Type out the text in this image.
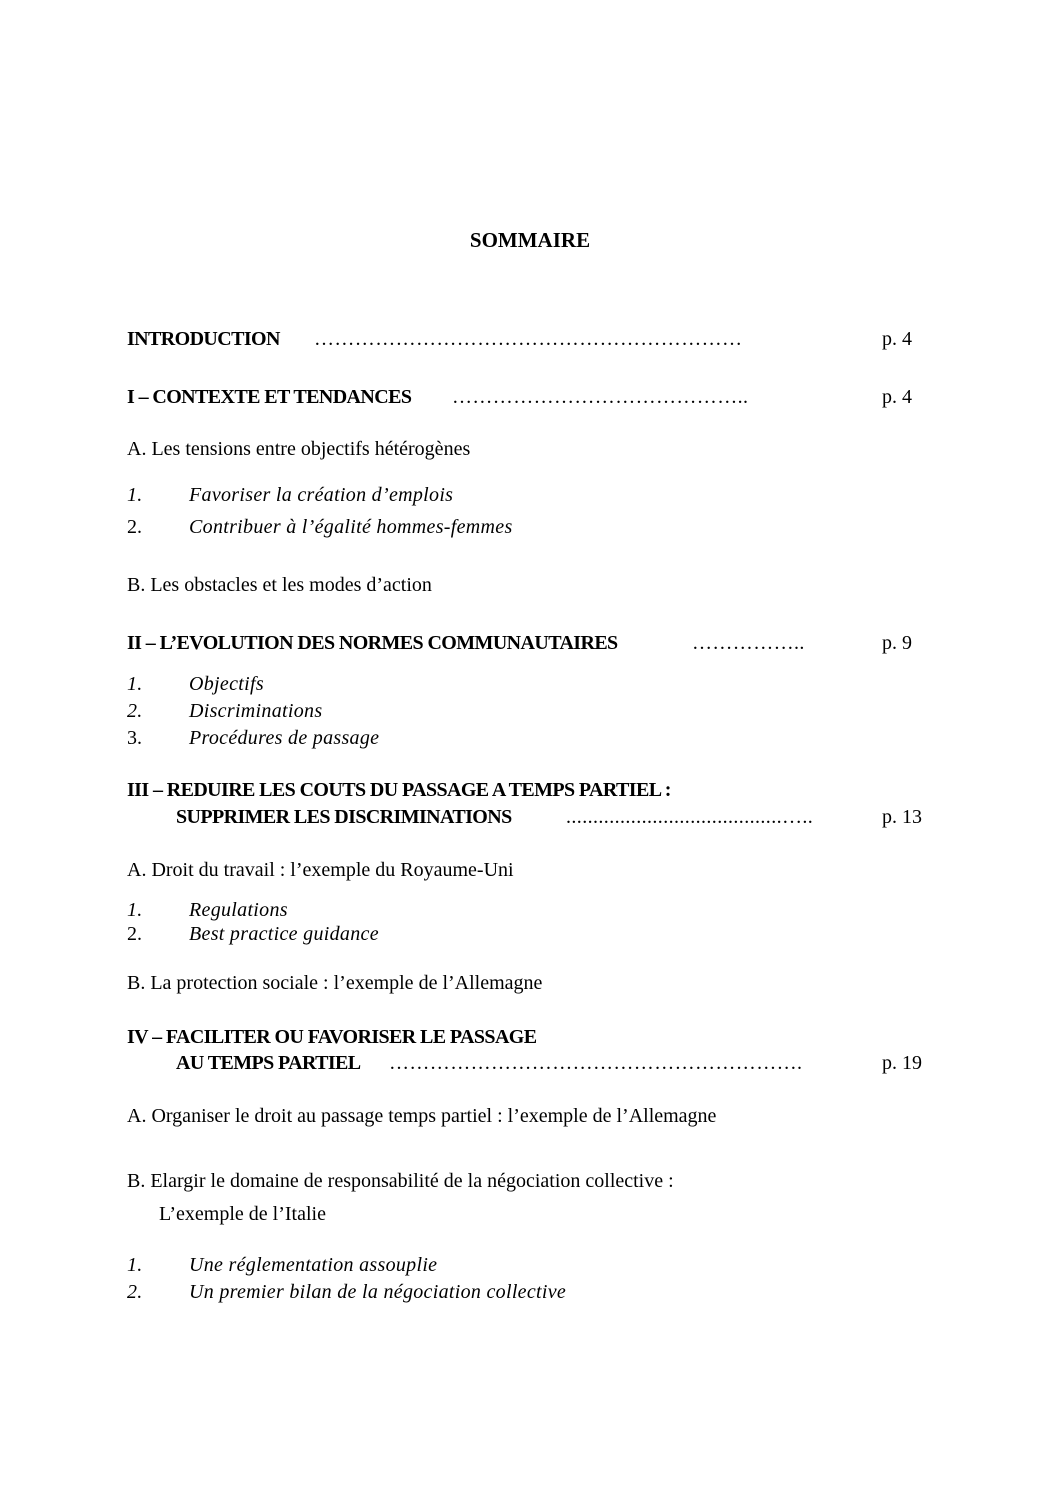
SOMMAIRE
INTRODUCTION ………………………………………………………	p. 4
I – CONTEXTE ET TENDANCES ……………………………………..	p. 4
A. Les tensions entre objectifs hétérogènes
1. Favoriser la création d’emplois
2. Contribuer à l’égalité hommes-femmes
B. Les obstacles et les modes d’action
II – L’EVOLUTION DES NORMES COMMUNAUTAIRES	……………..	p. 9
1. Objectifs
2. Discriminations
3. Procédures de passage
III – REDUIRE LES COUTS DU PASSAGE A TEMPS PARTIEL :
SUPPRIMER LES DISCRIMINATIONS	........................................…..	p. 13
A. Droit du travail : l’exemple du Royaume-Uni
1. Regulations
2. Best practice guidance
B. La protection sociale : l’exemple de l’Allemagne
IV – FACILITER OU FAVORISER LE PASSAGE
AU TEMPS PARTIEL …………………………………………………….	p. 19
A. Organiser le droit au passage temps partiel : l’exemple de l’Allemagne
B. Elargir le domaine de responsabilité de la négociation collective :
L’exemple de l’Italie
1. Une réglementation assouplie
2. Un premier bilan de la négociation collective
